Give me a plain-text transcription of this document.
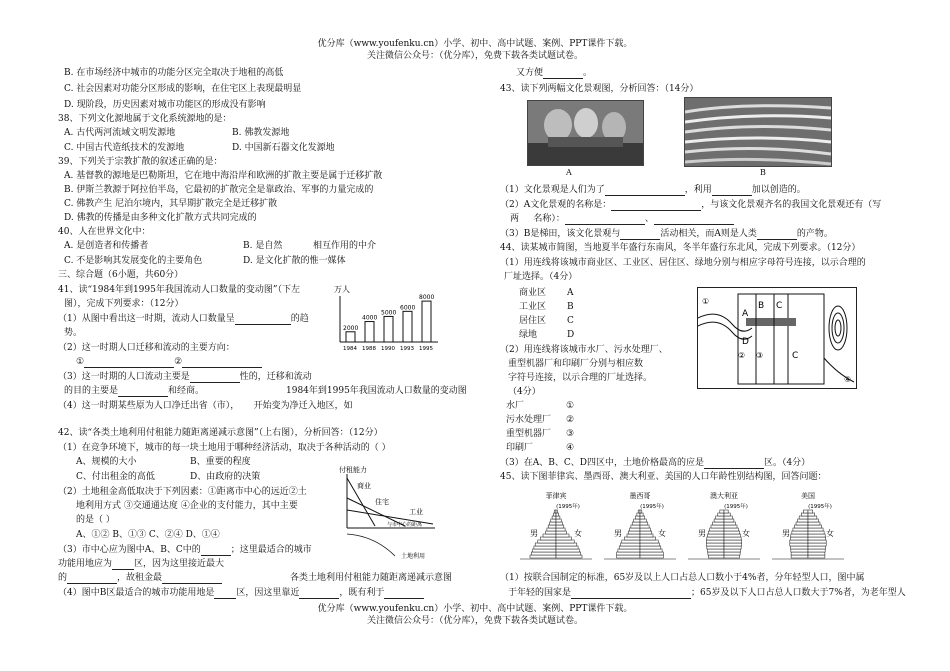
优分库（www.youfenku.cn）小学、初中、高中试题、案例、PPT课件下载。
关注微信公众号：（优分库），免费下载各类试题试卷。
B. 在市场经济中城市的功能分区完全取决于地租的高低
C. 社会因素对功能分区形成的影响，在住宅区上表现最明显
D. 现阶段，历史因素对城市功能区的形成没有影响
38、下列文化源地属于文化系统源地的是：
A. 古代两河流域文明发源地	B. 佛教发源地
C. 中国古代造纸技术的发源地	D. 中国新石器文化发源地
39、下列关于宗教扩散的叙述正确的是：
A. 基督教的源地是巴勒斯坦，它在地中海沿岸和欧洲的扩散主要是属于迁移扩散
B. 伊斯兰教源于阿拉伯半岛，它最初的扩散完全是靠政治、军事的力量完成的
C. 佛教产生 尼泊尔境内，其早期扩散完全是迁移扩散
D. 佛教的传播是由多种文化扩散方式共同完成的
40、人在世界文化中：
A. 是创造者和传播者	B. 是自然	相互作用的中介
C. 不是影响其发展变化的主要角色	D. 是文化扩散的惟一媒体
三、综合题（6小题，共60分）
41、读“1984年到1995年我国流动人口数量的变动图”（下左
图），完成下列要求：（12分）
（1）从图中看出这一时期，流动人口数量呈	的趋
势。
（2）这一时期人口迁移和流动的主要方向：
①	②
（3）这一时期的人口流动主要是	性的，迁移和流动
的目的主要是	和经商。
（4）这一时期某些原为人口净迁出省（市）， 开始变为净迁入地区，如
万人
2000
4000
5000
6000
8000
1984 1988 1990 1993 1995
1984年到1995年我国流动人口数量的变动图
42、读“各类土地利用付租能力随距离递减示意图”（上右图），分析回答：（12分）
（1）在竞争环境下，城市的每一块土地用于哪种经济活动，取决于各种活动的（ ）
A、规模的大小	B、重要的程度
C、付出租金的高低	D、由政府的决策
（2）土地租金高低取决于下列因素：①距离市中心的远近②土
地利用方式 ③交通通达度 ④企业的支付能力，其中主要
的是（ ）
A、①② B、①③ C、②④ D、①④
（3）市中心应为图中A、B、C中的	；这里最适合的城市
功能用地应为 区，因为这里接近最大
的	，故租金最
（4）图中B区最适合的城市功能用地是 区，因这里靠近	，既有利于
付租能力
商业
住宅
工业
与市中心的距离
土地利用
各类土地利用付租能力随距离递减示意图
又方便	。
43、读下列两幅文化景观图，分析回答：（14分）
A	B
（1）文化景观是人们为了	，利用	加以创造的。
（2）A文化景观的名称是：	，与该文化景观齐名的我国文化景观还有（写
两 名称）：	、
（3）B是梯田，该文化景观与	活动相关，而A则是人类	的产物。
44、读某城市简图，当地夏半年盛行东南风，冬半年盛行东北风，完成下列要求。（12分）
（1）用连线将该城市商业区、工业区、居住区、绿地分别与相应字母符号连接，以示合理的
厂址选择。（4分）
商业区
工业区
居住区
绿地
A
B
C
D
（2）用连线将该城市水厂、污水处理厂、
重型机器厂和印刷厂分别与相应数
字符号连接，以示合理的厂址选择。
（4分）
水厂
污水处理厂
重型机器厂
印刷厂
①
②
③
④
①
A
B C
D
② ③	C
④
（3）在A、B、C、D四区中，土地价格最高的应是	区。（4分）
45、读下图菲律宾、墨西哥、澳大利亚、美国的人口年龄性别结构图，回答问题：
菲律宾
(1995年)
男	女
墨西哥
(1995年)
男	女
澳大利亚
(1995年)
男	女
美国
(1995年)
男	女
（1）按联合国制定的标准，65岁及以上人口占总人口数小于4%者，分年轻型人口，图中属
于年轻的国家是	；65岁及以下人口占总人口数大于7%者，为老年型人
优分库（www.youfenku.cn）小学、初中、高中试题、案例、PPT课件下载。
关注微信公众号：（优分库），免费下载各类试题试卷。
